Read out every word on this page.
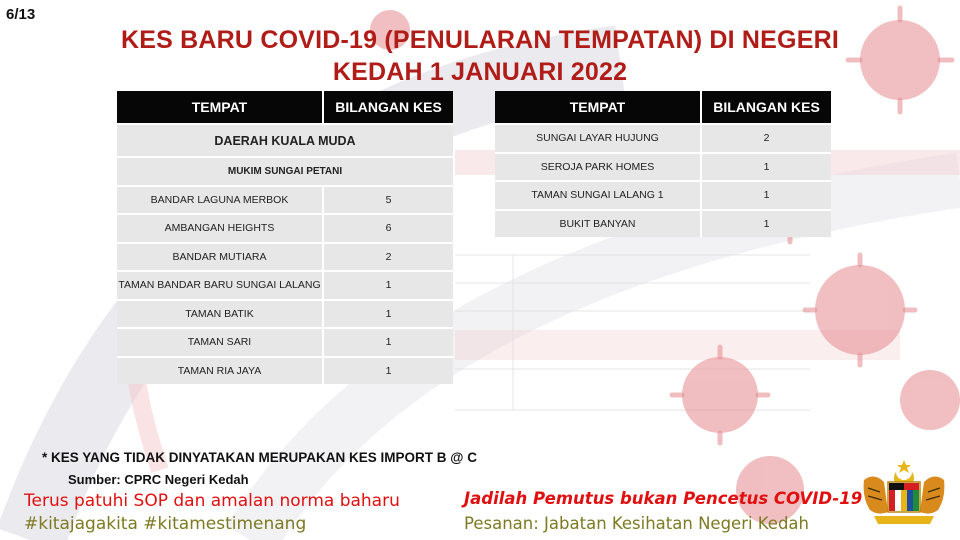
6/13
KES BARU COVID-19 (PENULARAN TEMPATAN) DI NEGERI
KEDAH 1 JANUARI 2022
TEMPAT	BILANGAN KES
DAERAH KUALA MUDA	
MUKIM SUNGAI PETANI	
BANDAR LAGUNA MERBOK	5
AMBANGAN HEIGHTS	6
BANDAR MUTIARA	2
TAMAN BANDAR BARU SUNGAI LALANG	1
TAMAN BATIK	1
TAMAN SARI	1
TAMAN RIA JAYA	1
TEMPAT	BILANGAN KES
SUNGAI LAYAR HUJUNG	2
SEROJA PARK HOMES	1
TAMAN SUNGAI LALANG 1	1
BUKIT BANYAN	1
* KES YANG TIDAK DINYATAKAN MERUPAKAN KES IMPORT B @ C
Sumber: CPRC Negeri Kedah
Terus patuhi SOP dan amalan norma baharu
#kitajagakita #kitamestimenang
Jadilah Pemutus bukan Pencetus COVID-19
Pesanan: Jabatan Kesihatan Negeri Kedah
